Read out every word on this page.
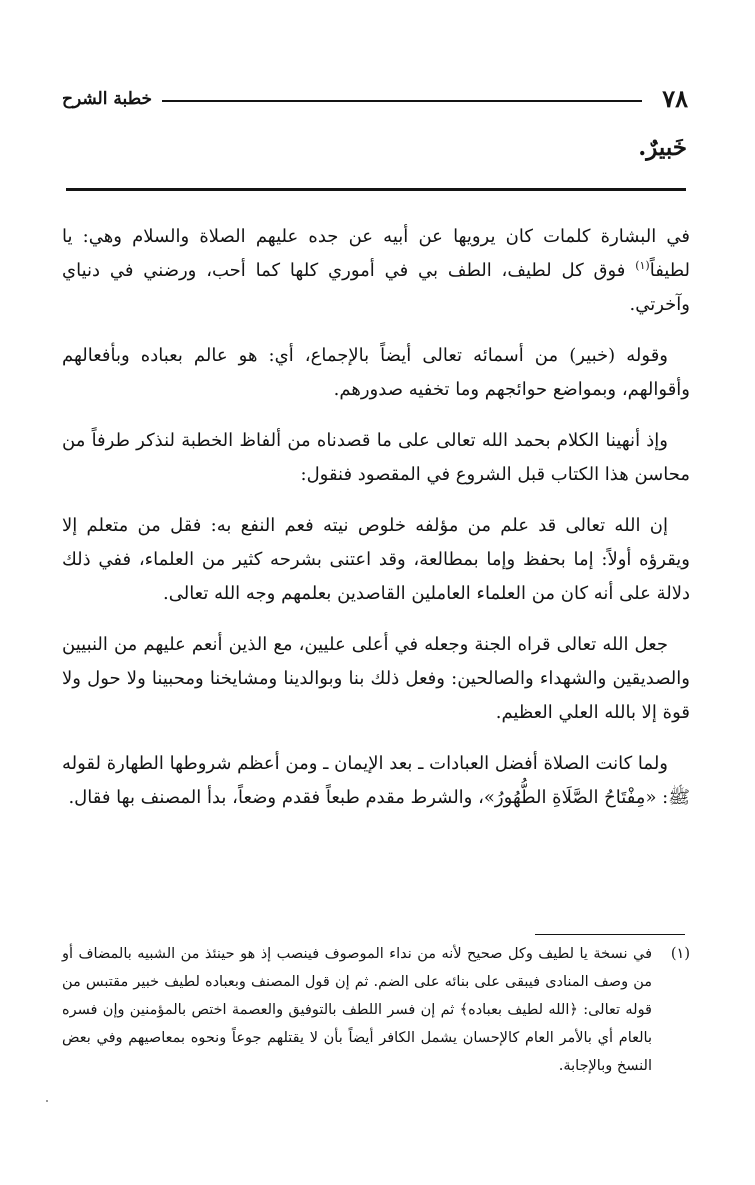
٧٨
خطبة الشرح
خَبيرٌ.

في البشارة كلمات كان يرويها عن أبيه عن جده عليهم الصلاة والسلام وهي: يا لطيفاً$^{(١)}$ فوق كل لطيف، الطف بي في أموري كلها كما أحب، ورضني في دنياي وآخرتي.

وقوله (خبير) من أسمائه تعالى أيضاً بالإجماع، أي: هو عالم بعباده وبأفعالهم وأقوالهم، وبمواضع حوائجهم وما تخفيه صدورهم.

وإذ أنهينا الكلام بحمد الله تعالى على ما قصدناه من ألفاظ الخطبة لنذكر طرفاً من محاسن هذا الكتاب قبل الشروع في المقصود فنقول:

إن الله تعالى قد علم من مؤلفه خلوص نيته فعم النفع به: فقل من متعلم إلا ويقرؤه أولاً: إما بحفظ وإما بمطالعة، وقد اعتنى بشرحه كثير من العلماء، ففي ذلك دلالة على أنه كان من العلماء العاملين القاصدين بعلمهم وجه الله تعالى.

جعل الله تعالى قراه الجنة وجعله في أعلى عليين، مع الذين أنعم عليهم من النبيين والصديقين والشهداء والصالحين: وفعل ذلك بنا وبوالدينا ومشايخنا ومحبينا ولا حول ولا قوة إلا بالله العلي العظيم.

ولما كانت الصلاة أفضل العبادات ـ بعد الإيمان ـ ومن أعظم شروطها الطهارة لقوله ﷺ: «مِفْتَاحُ الصَّلَاةِ الطُّهُورُ»، والشرط مقدم طبعاً فقدم وضعاً، بدأ المصنف بها فقال.

(١)
في نسخة يا لطيف وكل صحيح لأنه من نداء الموصوف فينصب إذ هو حينئذ من الشبيه بالمضاف أو من وصف المنادى فيبقى على بنائه على الضم. ثم إن قول المصنف وبعباده لطيف خبير مقتبس من قوله تعالى: ﴿الله لطيف بعباده﴾ ثم إن فسر اللطف بالتوفيق والعصمة اختص بالمؤمنين وإن فسره بالعام أي بالأمر العام كالإحسان يشمل الكافر أيضاً بأن لا يقتلهم جوعاً ونحوه بمعاصيهم وفي بعض النسخ وبالإجابة.
